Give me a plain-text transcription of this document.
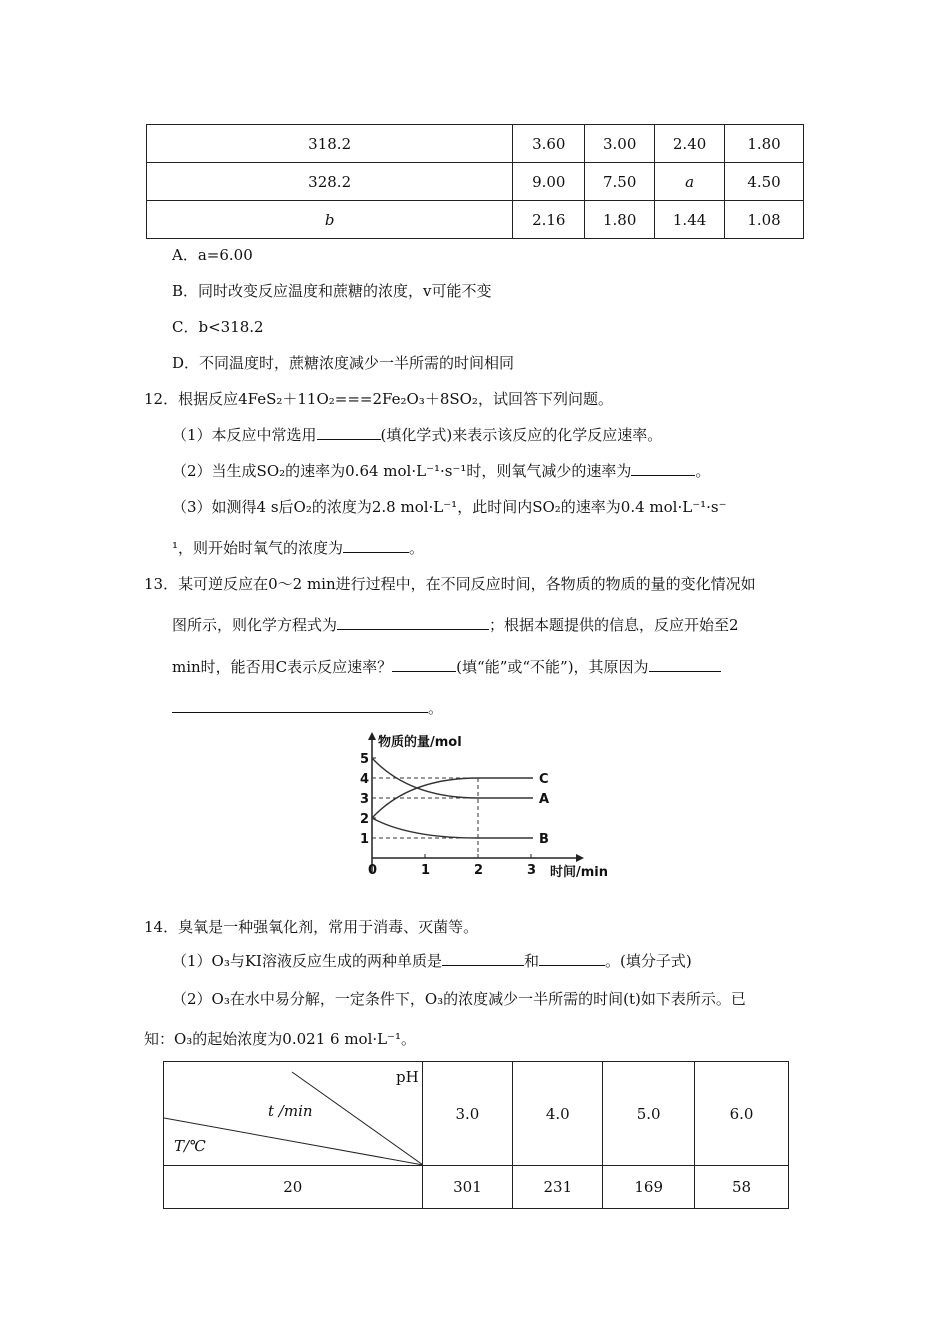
318.2	3.60	3.00	2.40	1.80
328.2	9.00	7.50	a	4.50
b	2.16	1.80	1.44	1.08
A．a=6.00
B．同时改变反应温度和蔗糖的浓度，v可能不变
C．b<318.2
D．不同温度时，蔗糖浓度减少一半所需的时间相同
12．根据反应4FeS₂＋11O₂===2Fe₂O₃＋8SO₂，试回答下列问题。
（1）本反应中常选用	(填化学式)来表示该反应的化学反应速率。
（2）当生成SO₂的速率为0.64 mol·L⁻¹·s⁻¹时，则氧气减少的速率为	。
（3）如测得4 s后O₂的浓度为2.8 mol·L⁻¹，此时间内SO₂的速率为0.4 mol·L⁻¹·s⁻
¹，则开始时氧气的浓度为	。
13．某可逆反应在0～2 min进行过程中，在不同反应时间，各物质的物质的量的变化情况如
图所示，则化学方程式为	；根据本题提供的信息，反应开始至2
min时，能否用C表示反应速率？	(填“能”或“不能”)，其原因为
。
物质的量/mol
时间/min
0	1	2	3
1
2
3
4
5
C
A
B
14．臭氧是一种强氧化剂，常用于消毒、灭菌等。
（1）O₃与KI溶液反应生成的两种单质是	和	。(填分子式)
（2）O₃在水中易分解，一定条件下，O₃的浓度减少一半所需的时间(t)如下表所示。已
知：O₃的起始浓度为0.021 6 mol·L⁻¹。
pH
t /min
T/℃	3.0	4.0	5.0	6.0
20	301	231	169	58
